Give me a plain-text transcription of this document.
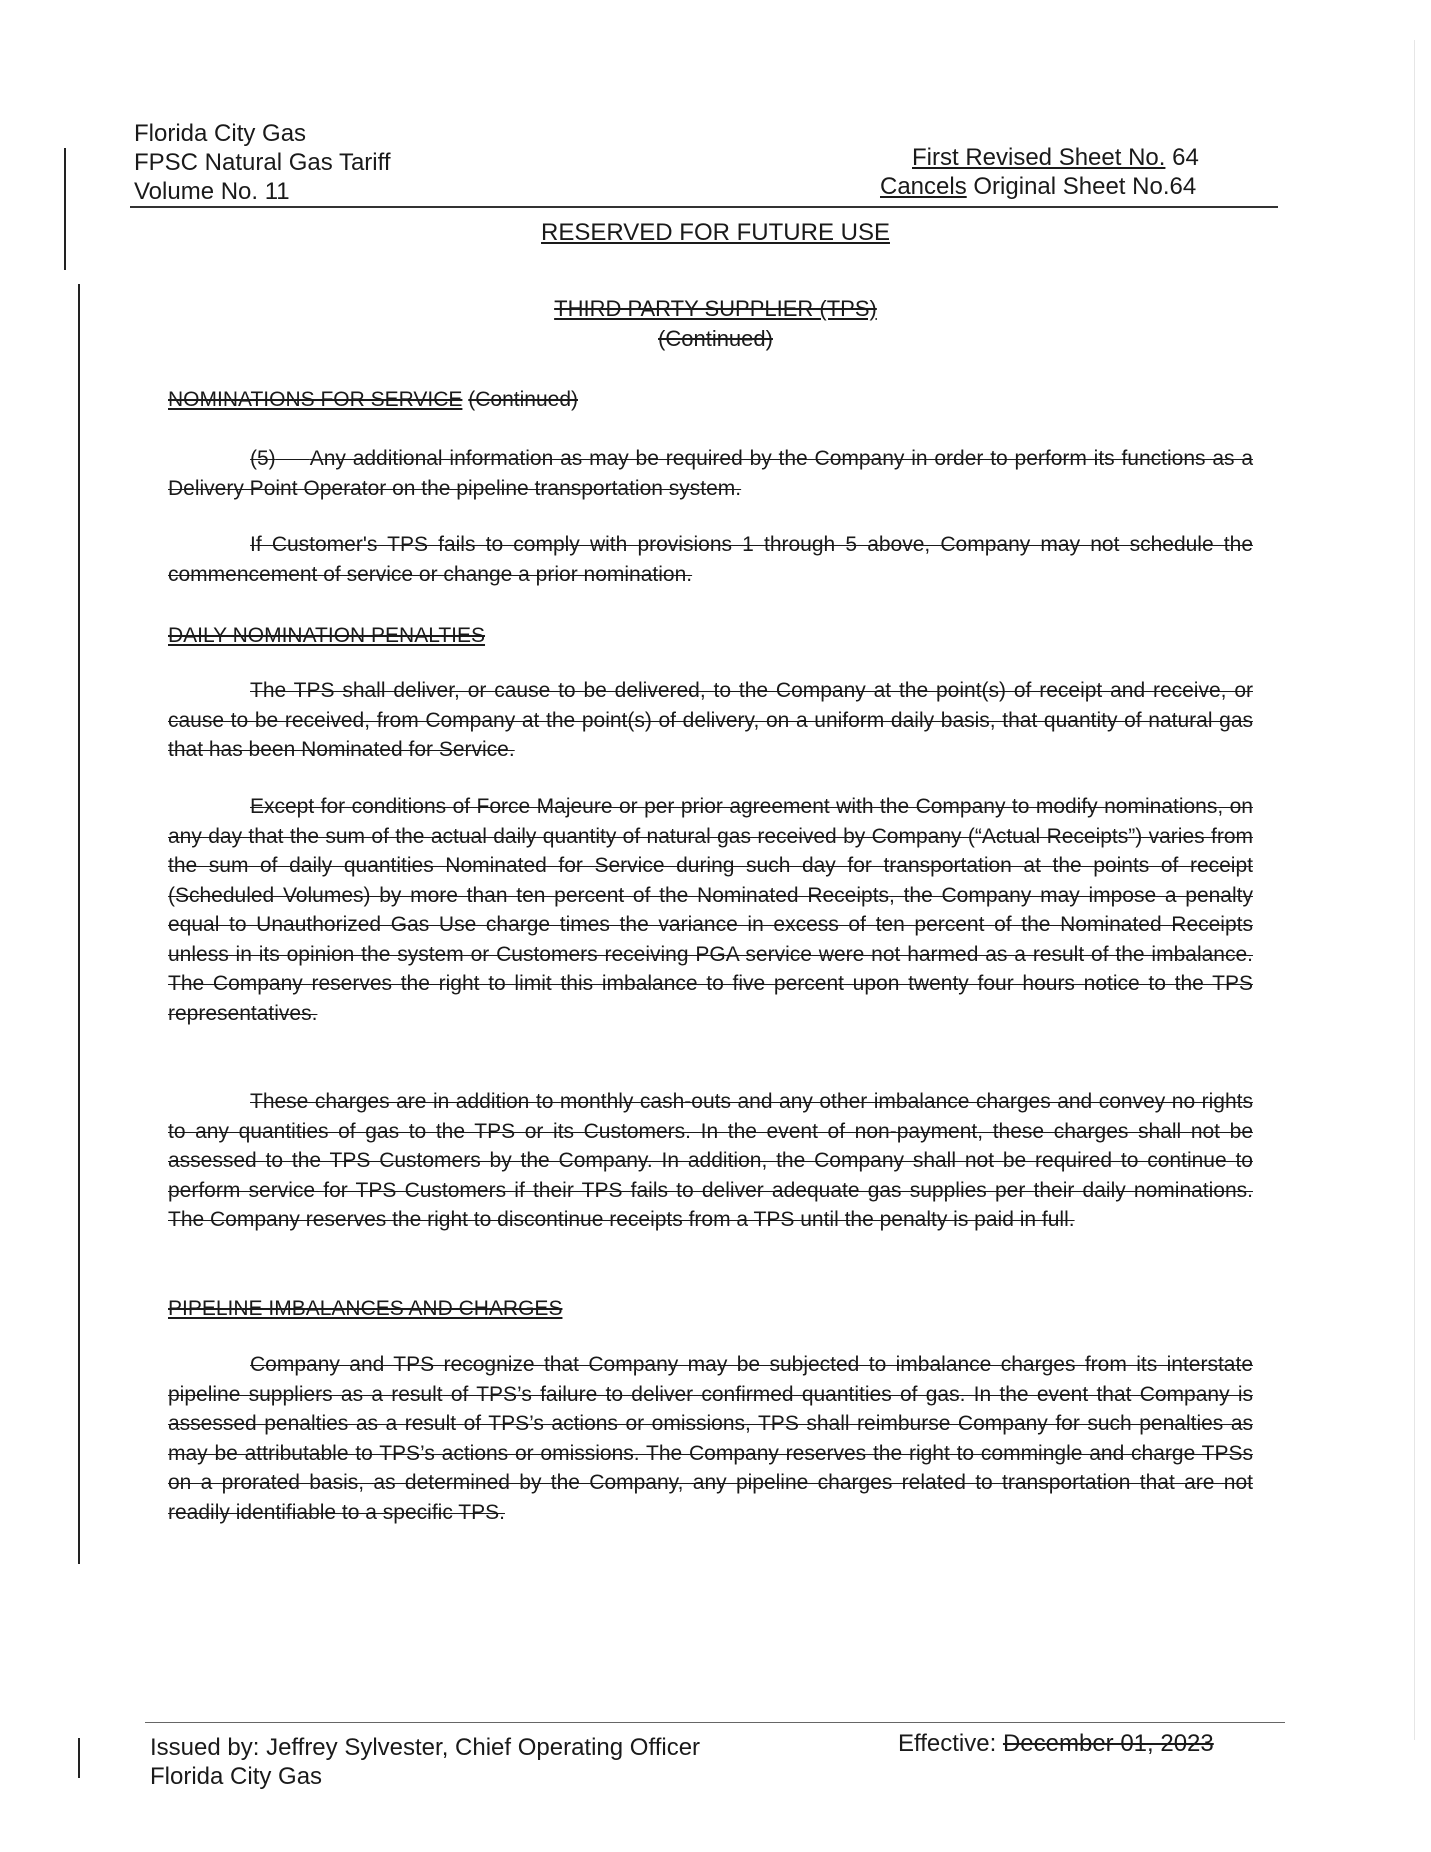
Florida City Gas
FPSC Natural Gas Tariff
Volume No. 11
First Revised Sheet No. 64
Cancels Original Sheet No.64
RESERVED FOR FUTURE USE
THIRD PARTY SUPPLIER (TPS)
(Continued)
NOMINATIONS FOR SERVICE (Continued)
(5) Any additional information as may be required by the Company in order to perform its functions as a Delivery Point Operator on the pipeline transportation system.
If Customer's TPS fails to comply with provisions 1 through 5 above, Company may not schedule the commencement of service or change a prior nomination.
DAILY NOMINATION PENALTIES
The TPS shall deliver, or cause to be delivered, to the Company at the point(s) of receipt and receive, or cause to be received, from Company at the point(s) of delivery, on a uniform daily basis, that quantity of natural gas that has been Nominated for Service.
Except for conditions of Force Majeure or per prior agreement with the Company to modify nominations, on any day that the sum of the actual daily quantity of natural gas received by Company (“Actual Receipts”) varies from the sum of daily quantities Nominated for Service during such day for transportation at the points of receipt (Scheduled Volumes) by more than ten percent of the Nominated Receipts, the Company may impose a penalty equal to Unauthorized Gas Use charge times the variance in excess of ten percent of the Nominated Receipts unless in its opinion the system or Customers receiving PGA service were not harmed as a result of the imbalance. The Company reserves the right to limit this imbalance to five percent upon twenty four hours notice to the TPS representatives.
These charges are in addition to monthly cash-outs and any other imbalance charges and convey no rights to any quantities of gas to the TPS or its Customers. In the event of non-payment, these charges shall not be assessed to the TPS Customers by the Company. In addition, the Company shall not be required to continue to perform service for TPS Customers if their TPS fails to deliver adequate gas supplies per their daily nominations. The Company reserves the right to discontinue receipts from a TPS until the penalty is paid in full.
PIPELINE IMBALANCES AND CHARGES
Company and TPS recognize that Company may be subjected to imbalance charges from its interstate pipeline suppliers as a result of TPS’s failure to deliver confirmed quantities of gas. In the event that Company is assessed penalties as a result of TPS’s actions or omissions, TPS shall reimburse Company for such penalties as may be attributable to TPS’s actions or omissions. The Company reserves the right to commingle and charge TPSs on a prorated basis, as determined by the Company, any pipeline charges related to transportation that are not readily identifiable to a specific TPS.
Issued by: Jeffrey Sylvester, Chief Operating Officer
Florida City Gas
Effective: December 01, 2023
